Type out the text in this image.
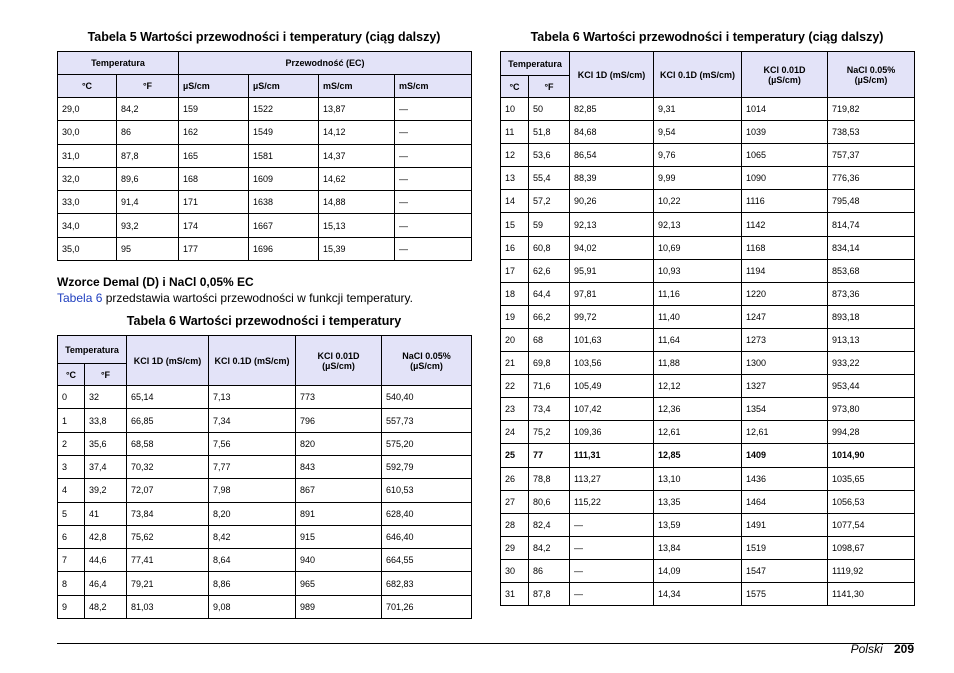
Tabela 5 Wartości przewodności i temperatury (ciąg dalszy)
Temperatura		Przewodność (EC)			
°C	°F	µS/cm	µS/cm	mS/cm	mS/cm
29,0	84,2	159	1522	13,87	—
30,0	86	162	1549	14,12	—
31,0	87,8	165	1581	14,37	—
32,0	89,6	168	1609	14,62	—
33,0	91,4	171	1638	14,88	—
34,0	93,2	174	1667	15,13	—
35,0	95	177	1696	15,39	—
Wzorce Demal (D) i NaCl 0,05% EC
Tabela 6 przedstawia wartości przewodności w funkcji temperatury.
Tabela 6 Wartości przewodności i temperatury
Temperatura		KCl 1D (mS/cm)	KCl 0.1D (mS/cm)	KCl 0.01D (µS/cm)	NaCl 0.05% (µS/cm)
°C	°F				
0	32	65,14	7,13	773	540,40
1	33,8	66,85	7,34	796	557,73
2	35,6	68,58	7,56	820	575,20
3	37,4	70,32	7,77	843	592,79
4	39,2	72,07	7,98	867	610,53
5	41	73,84	8,20	891	628,40
6	42,8	75,62	8,42	915	646,40
7	44,6	77,41	8,64	940	664,55
8	46,4	79,21	8,86	965	682,83
9	48,2	81,03	9,08	989	701,26
Tabela 6 Wartości przewodności i temperatury (ciąg dalszy)
Temperatura		KCl 1D (mS/cm)	KCl 0.1D (mS/cm)	KCl 0.01D (µS/cm)	NaCl 0.05% (µS/cm)
°C	°F				
10	50	82,85	9,31	1014	719,82
11	51,8	84,68	9,54	1039	738,53
12	53,6	86,54	9,76	1065	757,37
13	55,4	88,39	9,99	1090	776,36
14	57,2	90,26	10,22	1116	795,48
15	59	92,13	92,13	1142	814,74
16	60,8	94,02	10,69	1168	834,14
17	62,6	95,91	10,93	1194	853,68
18	64,4	97,81	11,16	1220	873,36
19	66,2	99,72	11,40	1247	893,18
20	68	101,63	11,64	1273	913,13
21	69,8	103,56	11,88	1300	933,22
22	71,6	105,49	12,12	1327	953,44
23	73,4	107,42	12,36	1354	973,80
24	75,2	109,36	12,61	12,61	994,28
25	77	111,31	12,85	1409	1014,90
26	78,8	113,27	13,10	1436	1035,65
27	80,6	115,22	13,35	1464	1056,53
28	82,4	—	13,59	1491	1077,54
29	84,2	—	13,84	1519	1098,67
30	86	—	14,09	1547	1119,92
31	87,8	—	14,34	1575	1141,30
Polski 209
